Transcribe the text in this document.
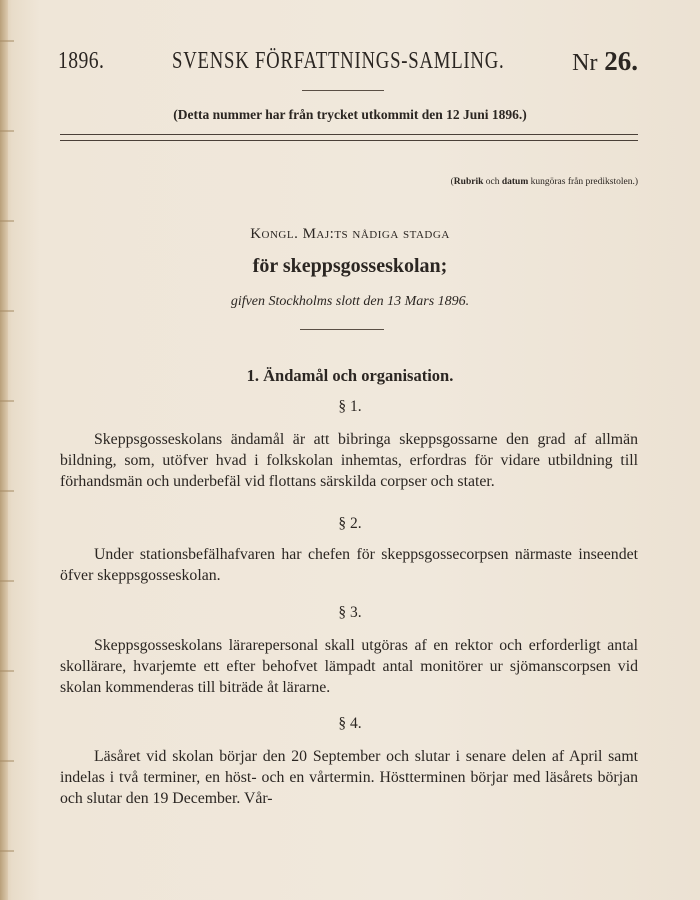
1896.	SVENSK FÖRFATTNINGS-SAMLING.	Nr 26.
(Detta nummer har från trycket utkommit den 12 Juni 1896.)
(Rubrik och datum kungöras från predikstolen.)
Kongl. Maj:ts nådiga stadga
för skeppsgosseskolan;
gifven Stockholms slott den 13 Mars 1896.
1. Ändamål och organisation.
§ 1.
Skeppsgosseskolans ändamål är att bibringa skeppsgossarne den grad af allmän bildning, som, utöfver hvad i folkskolan inhemtas, erfordras för vidare utbildning till förhandsmän och underbefäl vid flottans särskilda corpser och stater.
§ 2.
Under stationsbefälhafvaren har chefen för skeppsgossecorpsen närmaste inseendet öfver skeppsgosseskolan.
§ 3.
Skeppsgosseskolans lärarepersonal skall utgöras af en rektor och erforderligt antal skollärare, hvarjemte ett efter behofvet lämpadt antal monitörer ur sjömanscorpsen vid skolan kommenderas till biträde åt lärarne.
§ 4.
Läsåret vid skolan börjar den 20 September och slutar i senare delen af April samt indelas i två terminer, en höst- och en vårtermin. Höstterminen börjar med läsårets början och slutar den 19 December. Vår-
